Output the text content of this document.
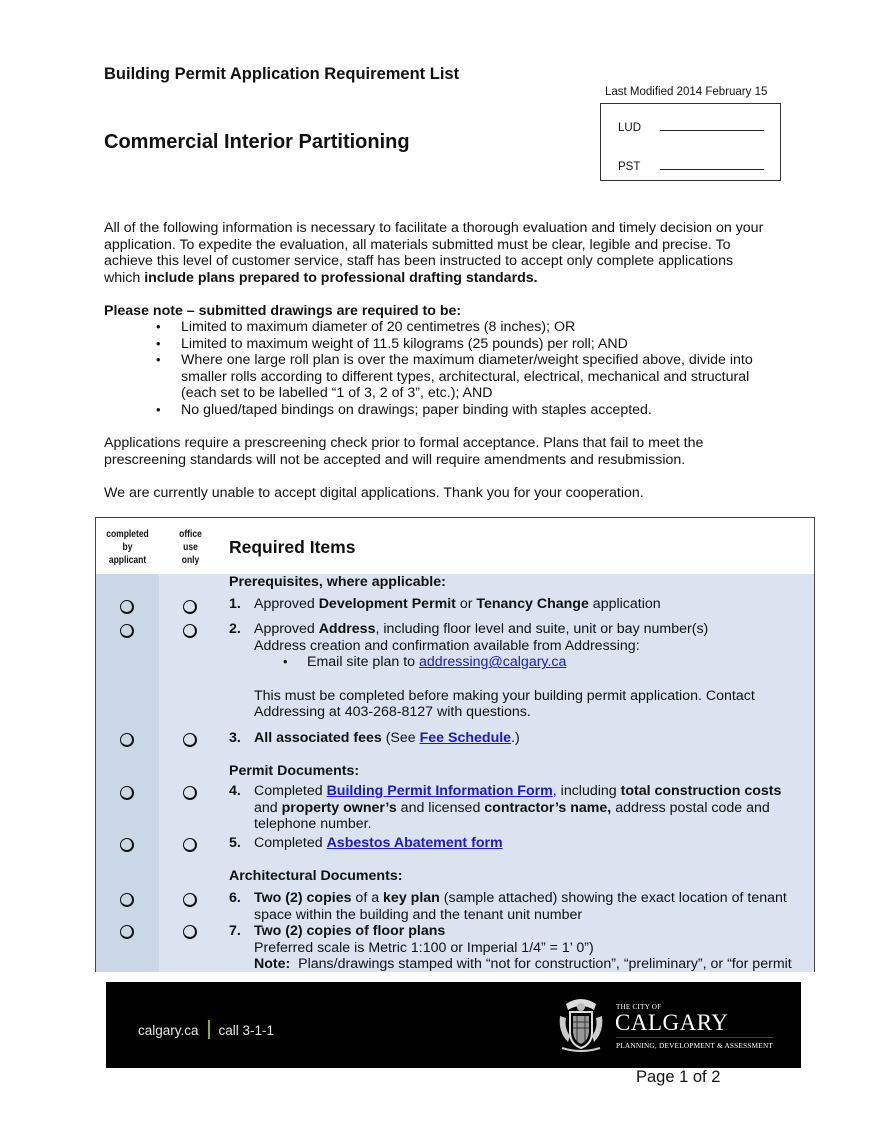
Building Permit Application Requirement List
Last Modified 2014 February 15
LUD
PST
Commercial Interior Partitioning
All of the following information is necessary to facilitate a thorough evaluation and timely decision on your application. To expedite the evaluation, all materials submitted must be clear, legible and precise. To achieve this level of customer service, staff has been instructed to accept only complete applications which include plans prepared to professional drafting standards.
Please note – submitted drawings are required to be:
• Limited to maximum diameter of 20 centimetres (8 inches); OR
• Limited to maximum weight of 11.5 kilograms (25 pounds) per roll; AND
• Where one large roll plan is over the maximum diameter/weight specified above, divide into smaller rolls according to different types, architectural, electrical, mechanical and structural (each set to be labelled “1 of 3, 2 of 3”, etc.); AND
• No glued/taped bindings on drawings; paper binding with staples accepted.
Applications require a prescreening check prior to formal acceptance. Plans that fail to meet the prescreening standards will not be accepted and will require amendments and resubmission.
We are currently unable to accept digital applications. Thank you for your cooperation.
completed
by
applicant
office
use
only
Required Items
Prerequisites, where applicable:
1. Approved Development Permit or Tenancy Change application
2. Approved Address, including floor level and suite, unit or bay number(s)
Address creation and confirmation available from Addressing:
• Email site plan to addressing@calgary.ca
This must be completed before making your building permit application. Contact Addressing at 403-268-8127 with questions.
3. All associated fees (See Fee Schedule.)
Permit Documents:
4. Completed Building Permit Information Form, including total construction costs
and property owner’s and licensed contractor’s name, address postal code and telephone number.
5. Completed Asbestos Abatement form
Architectural Documents:
6. Two (2) copies of a key plan (sample attached) showing the exact location of tenant space within the building and the tenant unit number
7. Two (2) copies of floor plans
Preferred scale is Metric 1:100 or Imperial 1/4” = 1’ 0”)
Note:  Plans/drawings stamped with “not for construction”, “preliminary”, or “for permit
calgary.ca call 3-1-1
THE CITY OF
CALGARY
PLANNING, DEVELOPMENT & ASSESSMENT
Page 1 of 2
